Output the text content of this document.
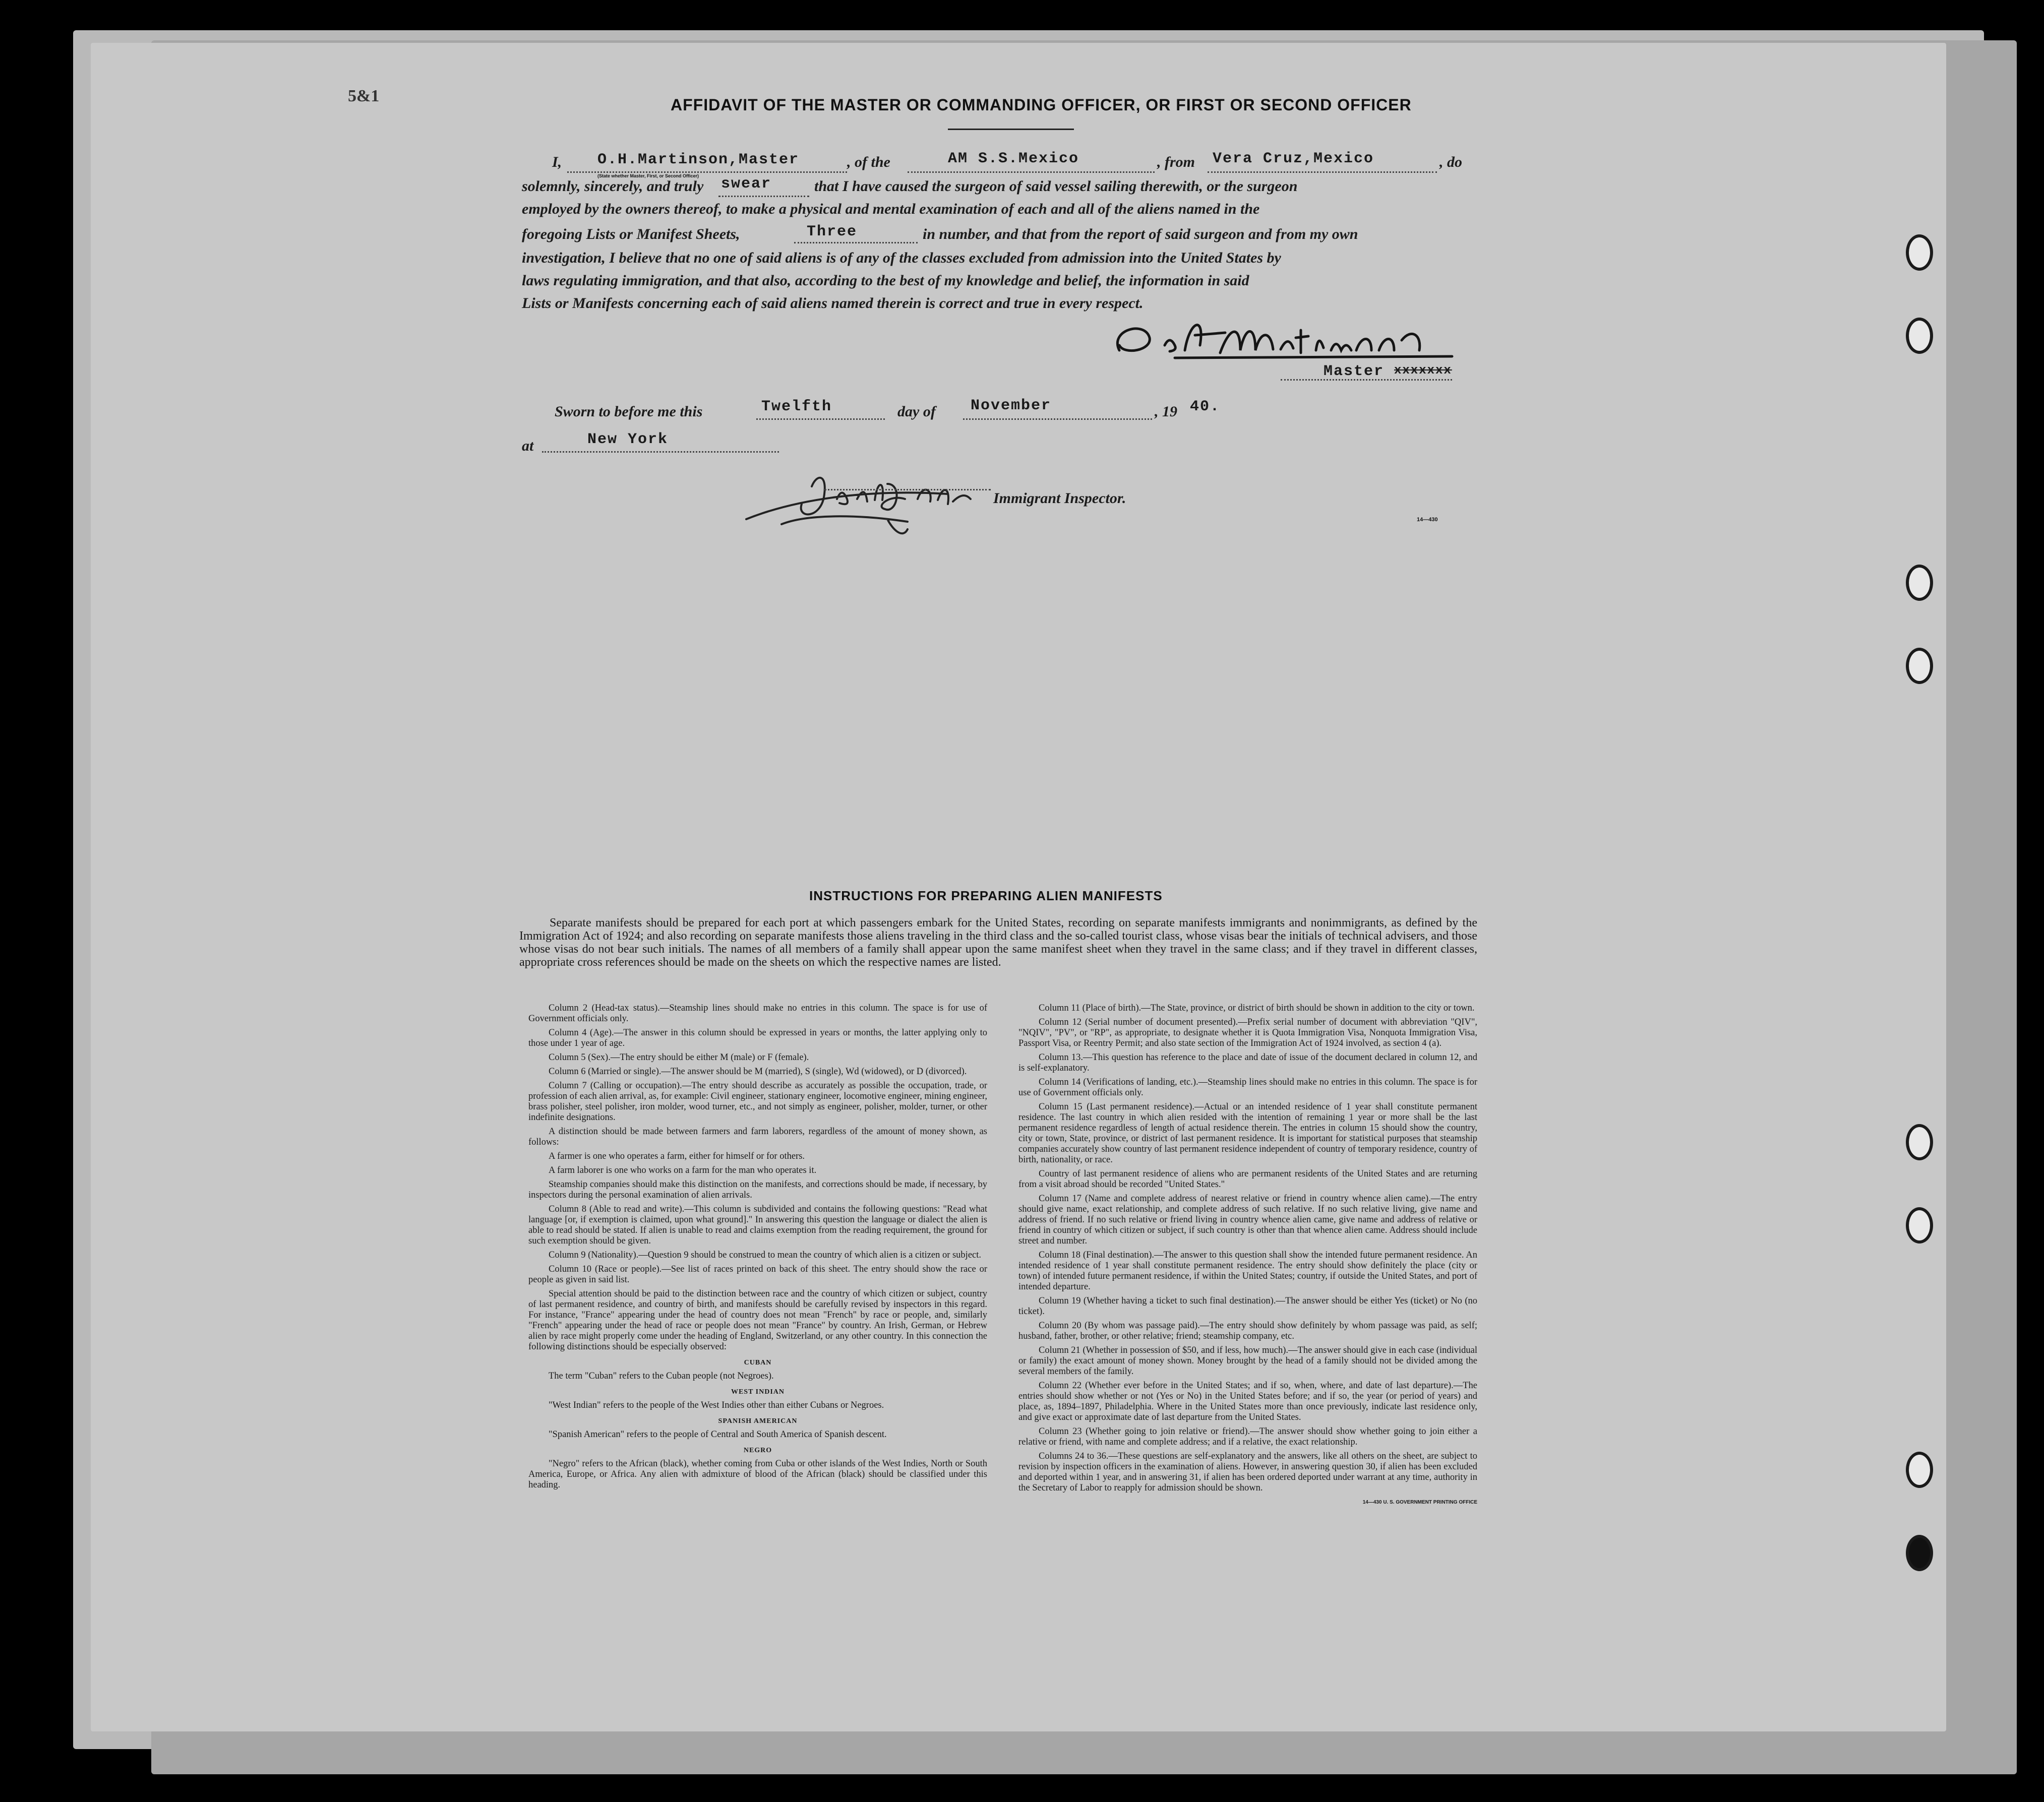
5&1	AFFIDAVIT OF THE MASTER OR COMMANDING OFFICER, OR FIRST OR SECOND OFFICER
I, O.H.Martinson,Master
(State whether Master, First, or Second Officer)
, of the	AM S.S.Mexico	, from Vera Cruz,Mexico	, do
solemnly, sincerely, and truly swear	that I have caused the surgeon of said vessel sailing therewith, or the surgeon
employed by the owners thereof, to make a physical and mental examination of each and all of the aliens named in the
foregoing Lists or Manifest Sheets,	Three	in number, and that from the report of said surgeon and from my own
investigation, I believe that no one of said aliens is of any of the classes excluded from admission into the United States by
laws regulating immigration, and that also, according to the best of my knowledge and belief, the information in said
Lists or Manifests concerning each of said aliens named therein is correct and true in every respect.
Master xxxxxxx
Sworn to before me this	Twelfth	day of November	, 19 40.
at	New York
Immigrant Inspector.
14—430
INSTRUCTIONS FOR PREPARING ALIEN MANIFESTS

Separate manifests should be prepared for each port at which passengers embark for the United States, recording on separate manifests immigrants and nonimmigrants, as defined by the Immigration Act of 1924; and also recording on separate manifests those aliens traveling in the third class and the so-called tourist class, whose visas bear the initials of technical advisers, and those whose visas do not bear such initials. The names of all members of a family shall appear upon the same manifest sheet when they travel in the same class; and if they travel in different classes, appropriate cross references should be made on the sheets on which the respective names are listed.

Column 2 (Head-tax status).—Steamship lines should make no entries in this column. The space is for use of Government officials only.

Column 4 (Age).—The answer in this column should be expressed in years or months, the latter applying only to those under 1 year of age.

Column 5 (Sex).—The entry should be either M (male) or F (female).

Column 6 (Married or single).—The answer should be M (married), S (single), Wd (widowed), or D (divorced).

Column 7 (Calling or occupation).—The entry should describe as accurately as possible the occupation, trade, or profession of each alien arrival, as, for example: Civil engineer, stationary engineer, locomotive engineer, mining engineer, brass polisher, steel polisher, iron molder, wood turner, etc., and not simply as engineer, polisher, molder, turner, or other indefinite designations.

A distinction should be made between farmers and farm laborers, regardless of the amount of money shown, as follows:

A farmer is one who operates a farm, either for himself or for others.

A farm laborer is one who works on a farm for the man who operates it.

Steamship companies should make this distinction on the manifests, and corrections should be made, if necessary, by inspectors during the personal examination of alien arrivals.

Column 8 (Able to read and write).—This column is subdivided and contains the following questions: "Read what language [or, if exemption is claimed, upon what ground]." In answering this question the language or dialect the alien is able to read should be stated. If alien is unable to read and claims exemption from the reading requirement, the ground for such exemption should be given.

Column 9 (Nationality).—Question 9 should be construed to mean the country of which alien is a citizen or subject.

Column 10 (Race or people).—See list of races printed on back of this sheet. The entry should show the race or people as given in said list.

Special attention should be paid to the distinction between race and the country of which citizen or subject, country of last permanent residence, and country of birth, and manifests should be carefully revised by inspectors in this regard. For instance, "France" appearing under the head of country does not mean "French" by race or people, and, similarly "French" appearing under the head of race or people does not mean "France" by country. An Irish, German, or Hebrew alien by race might properly come under the heading of England, Switzerland, or any other country. In this connection the following distinctions should be especially observed:

CUBAN

The term "Cuban" refers to the Cuban people (not Negroes).

WEST INDIAN

"West Indian" refers to the people of the West Indies other than either Cubans or Negroes.

SPANISH AMERICAN

"Spanish American" refers to the people of Central and South America of Spanish descent.

NEGRO

"Negro" refers to the African (black), whether coming from Cuba or other islands of the West Indies, North or South America, Europe, or Africa. Any alien with admixture of blood of the African (black) should be classified under this heading.

Column 11 (Place of birth).—The State, province, or district of birth should be shown in addition to the city or town.

Column 12 (Serial number of document presented).—Prefix serial number of document with abbreviation "QIV", "NQIV", "PV", or "RP", as appropriate, to designate whether it is Quota Immigration Visa, Nonquota Immigration Visa, Passport Visa, or Reentry Permit; and also state section of the Immigration Act of 1924 involved, as section 4 (a).

Column 13.—This question has reference to the place and date of issue of the document declared in column 12, and is self-explanatory.

Column 14 (Verifications of landing, etc.).—Steamship lines should make no entries in this column. The space is for use of Government officials only.

Column 15 (Last permanent residence).—Actual or an intended residence of 1 year shall constitute permanent residence. The last country in which alien resided with the intention of remaining 1 year or more shall be the last permanent residence regardless of length of actual residence therein. The entries in column 15 should show the country, city or town, State, province, or district of last permanent residence. It is important for statistical purposes that steamship companies accurately show country of last permanent residence independent of country of temporary residence, country of birth, nationality, or race.

Country of last permanent residence of aliens who are permanent residents of the United States and are returning from a visit abroad should be recorded "United States."

Column 17 (Name and complete address of nearest relative or friend in country whence alien came).—The entry should give name, exact relationship, and complete address of such relative. If no such relative living, give name and address of friend. If no such relative or friend living in country whence alien came, give name and address of relative or friend in country of which citizen or subject, if such country is other than that whence alien came. Address should include street and number.

Column 18 (Final destination).—The answer to this question shall show the intended future permanent residence. An intended residence of 1 year shall constitute permanent residence. The entry should show definitely the place (city or town) of intended future permanent residence, if within the United States; country, if outside the United States, and port of intended departure.

Column 19 (Whether having a ticket to such final destination).—The answer should be either Yes (ticket) or No (no ticket).

Column 20 (By whom was passage paid).—The entry should show definitely by whom passage was paid, as self; husband, father, brother, or other relative; friend; steamship company, etc.

Column 21 (Whether in possession of $50, and if less, how much).—The answer should give in each case (individual or family) the exact amount of money shown. Money brought by the head of a family should not be divided among the several members of the family.

Column 22 (Whether ever before in the United States; and if so, when, where, and date of last departure).—The entries should show whether or not (Yes or No) in the United States before; and if so, the year (or period of years) and place, as, 1894–1897, Philadelphia. Where in the United States more than once previously, indicate last residence only, and give exact or approximate date of last departure from the United States.

Column 23 (Whether going to join relative or friend).—The answer should show whether going to join either a relative or friend, with name and complete address; and if a relative, the exact relationship.

Columns 24 to 36.—These questions are self-explanatory and the answers, like all others on the sheet, are subject to revision by inspection officers in the examination of aliens. However, in answering question 30, if alien has been excluded and deported within 1 year, and in answering 31, if alien has been ordered deported under warrant at any time, authority in the Secretary of Labor to reapply for admission should be shown.

14—430 U. S. GOVERNMENT PRINTING OFFICE
